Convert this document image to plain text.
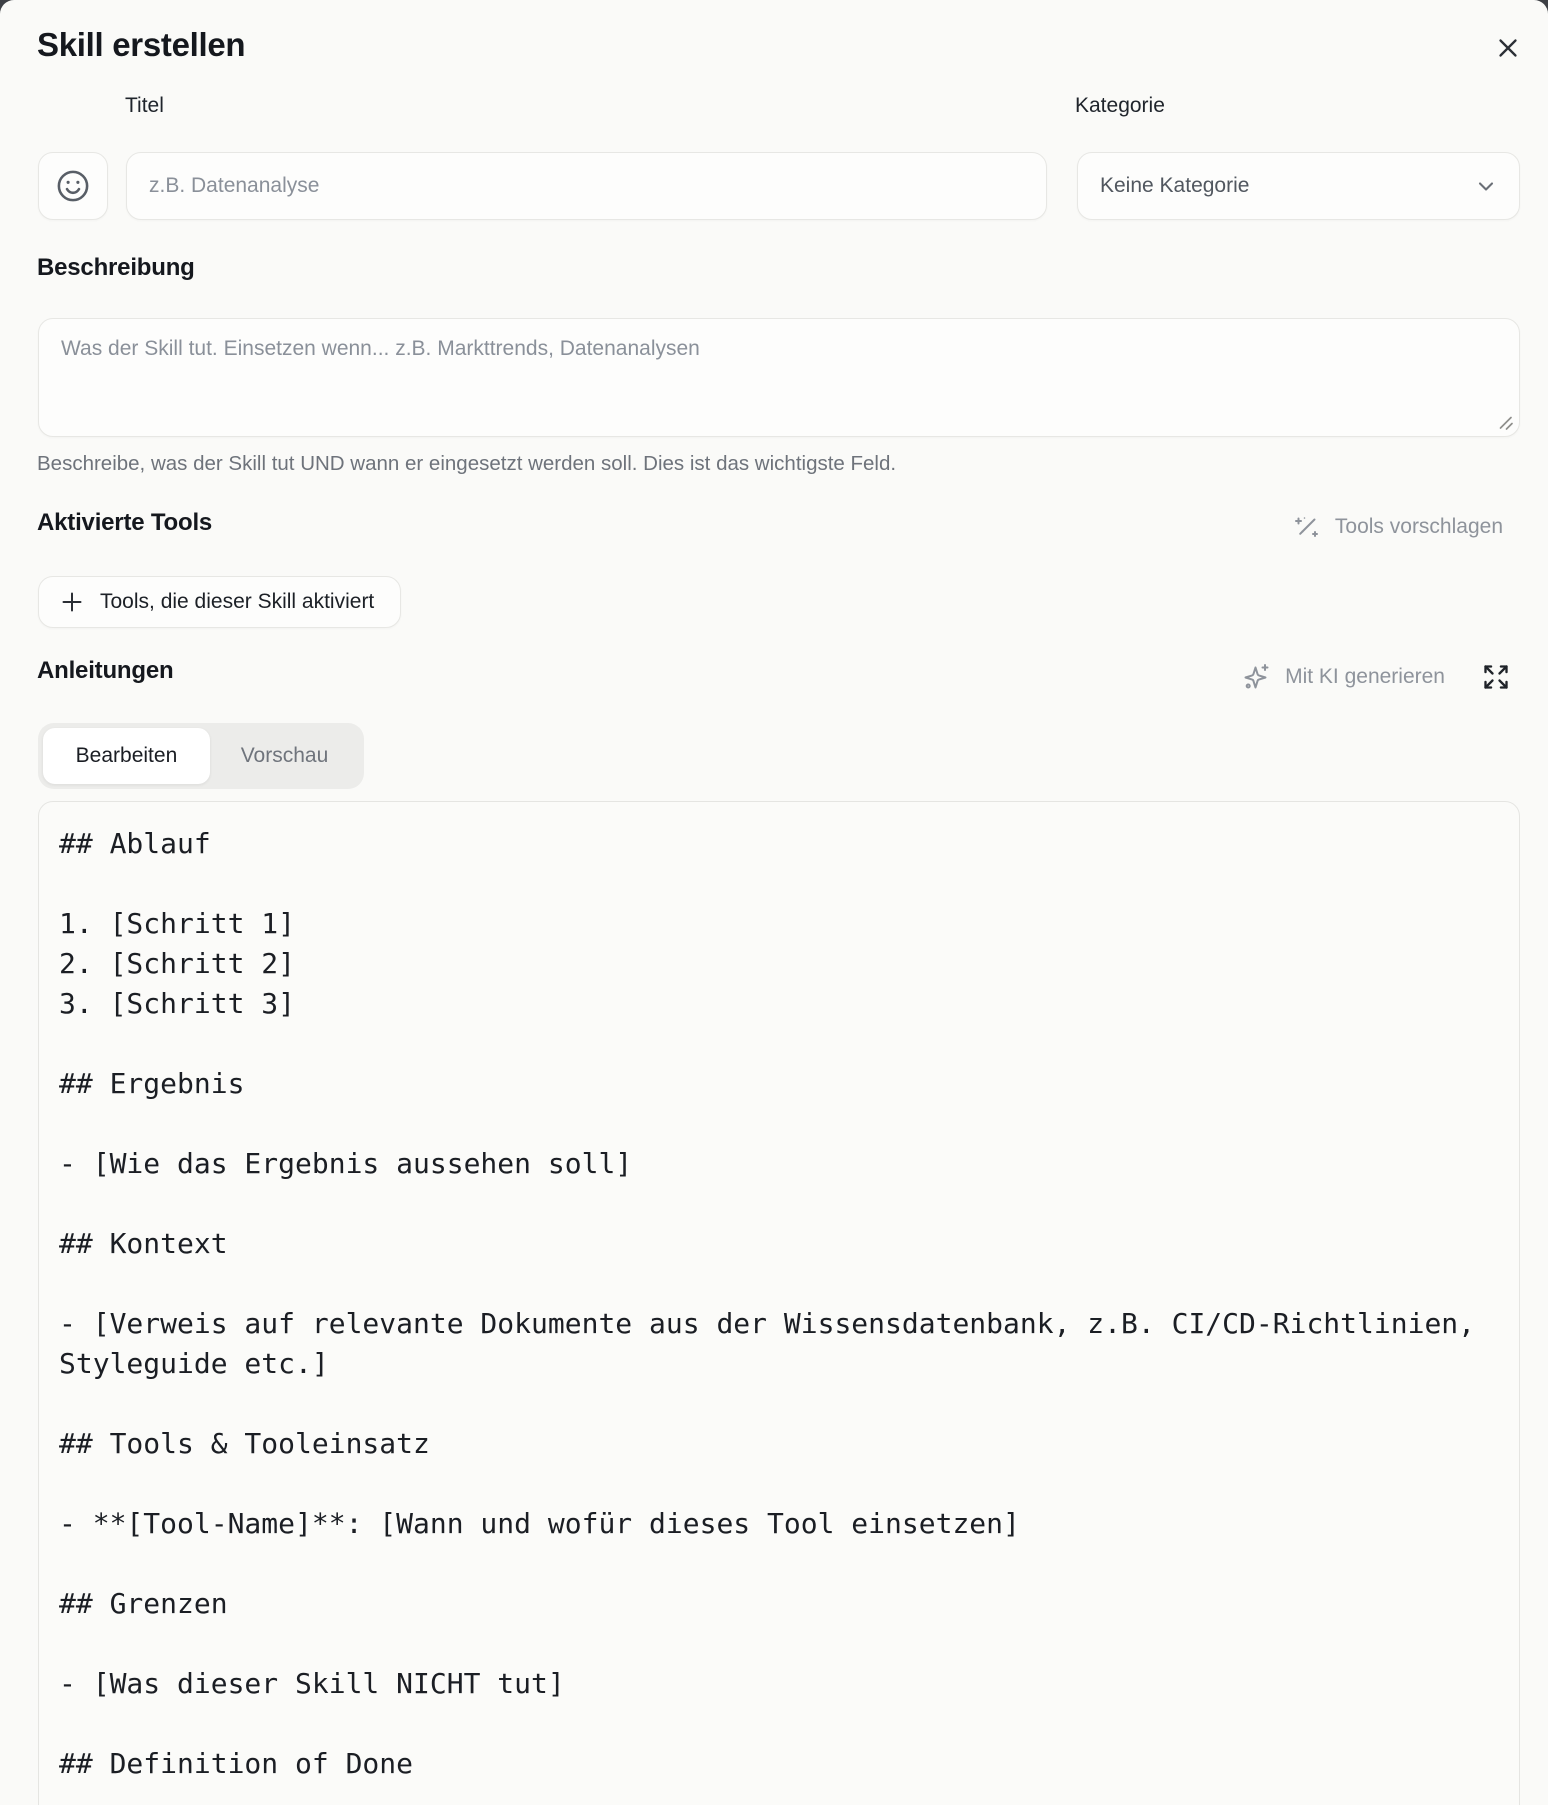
Skill erstellen
Titel	Kategorie
z.B. Datenanalyse
Keine Kategorie
Beschreibung
Was der Skill tut. Einsetzen wenn... z.B. Markttrends, Datenanalysen
Beschreibe, was der Skill tut UND wann er eingesetzt werden soll. Dies ist das wichtigste Feld.
Aktivierte Tools	Tools vorschlagen
Tools, die dieser Skill aktiviert
Anleitungen	Mit KI generieren
Bearbeiten	Vorschau
## Ablauf 1. [Schritt 1] 2. [Schritt 2] 3. [Schritt 3] ## Ergebnis - [Wie das Ergebnis aussehen soll] ## Kontext - [Verweis auf relevante Dokumente aus der Wissensdatenbank, z.B. CI/CD-Richtlinien, Styleguide etc.] ## Tools & Tooleinsatz - **[Tool-Name]**: [Wann und wofür dieses Tool einsetzen] ## Grenzen - [Was dieser Skill NICHT tut] ## Definition of Done
